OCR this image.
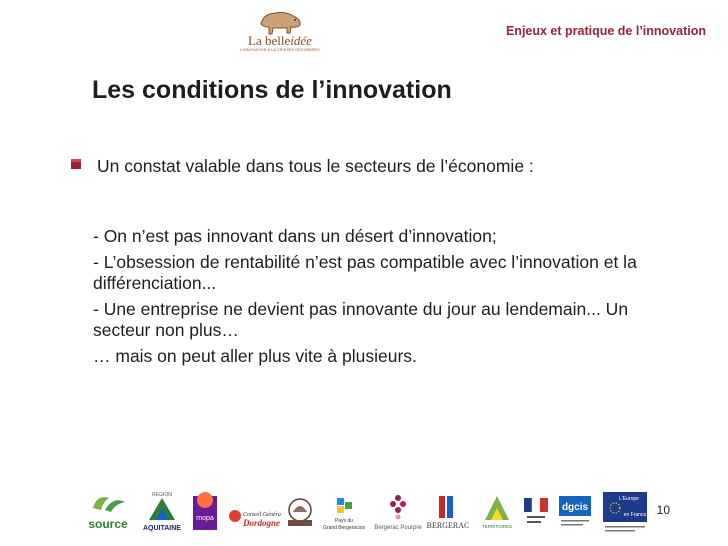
La belleidée
L'INNOVATION À LA CROISÉE DES ARBRES
Enjeux et pratique de l’innovation
Les conditions de l’innovation
Un constat valable dans tous le secteurs de l’économie :

- On n’est pas innovant dans un désert d’innovation;

- L’obsession de rentabilité n’est pas compatible avec l’innovation et la différenciation...

- Une entreprise ne devient pas innovante du jour au lendemain... Un secteur non plus…

… mais on peut aller plus vite à plusieurs.

source
REGION
AQUITAINE
mopa	Conseil Général
Dordogne	Pays du
Grand Bergeracois Bergerac Pourpre BERGERAC	TERRITOIRES
dgcis
L'Europe
en France 10
